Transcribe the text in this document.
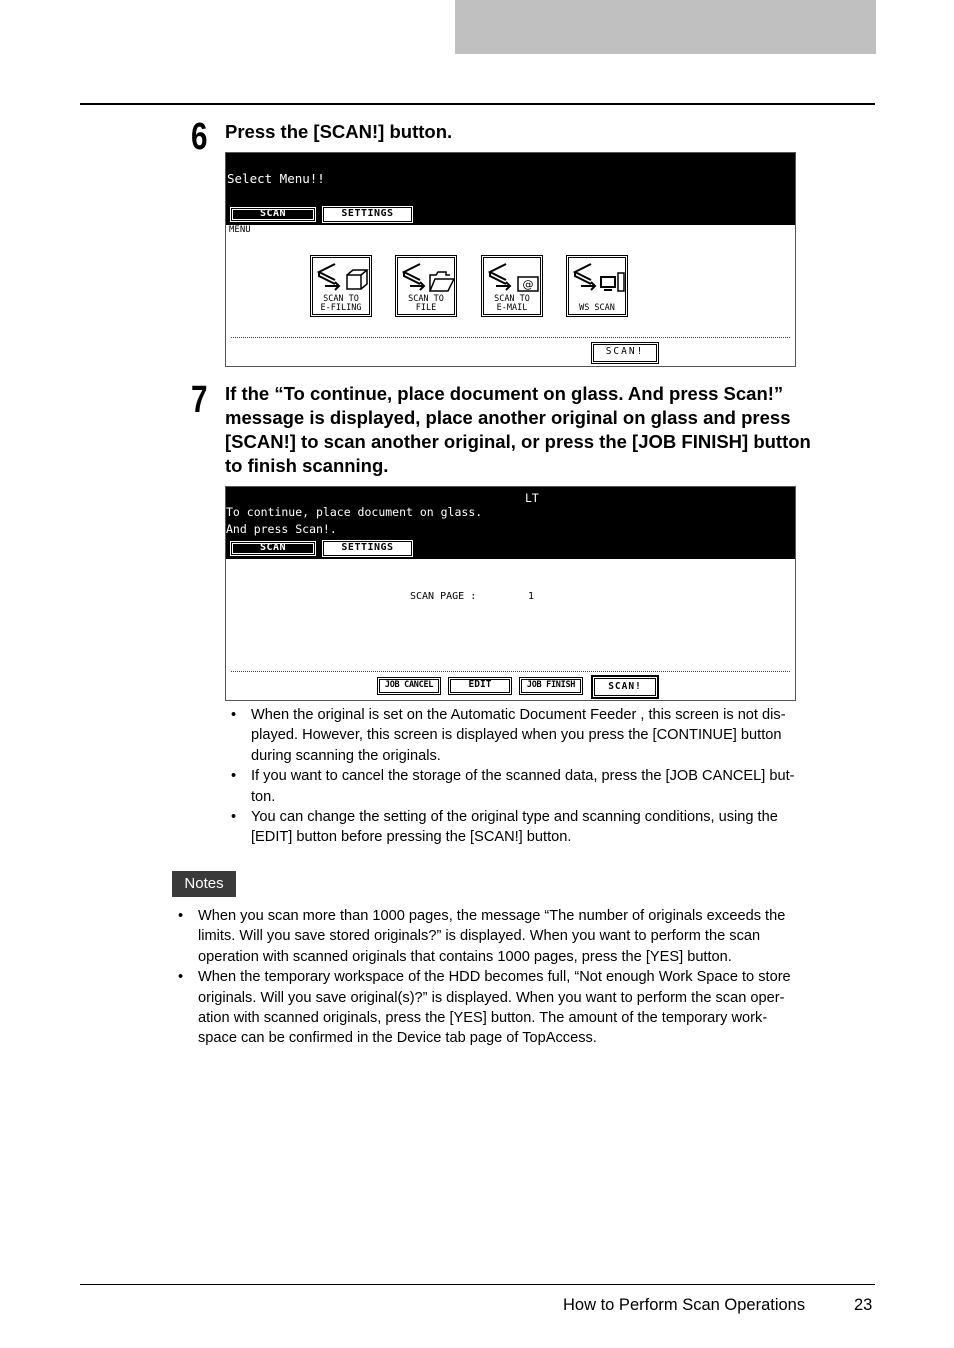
6 Press the [SCAN!] button.
Select Menu!!
SCAN	SETTINGS
MENU
SCAN TO
E-FILING
SCAN TO
FILE
@
SCAN TO
E-MAIL	WS SCAN
SCAN!
7 If the “To continue, place document on glass. And press Scan!”
message is displayed, place another original on glass and press
[SCAN!] to scan another original, or press the [JOB FINISH] button
to finish scanning.
LT
To continue, place document on glass.
And press Scan!.
SCAN	SETTINGS
SCAN PAGE :	1
JOB CANCEL	EDIT	JOB FINISH	SCAN!
• When the original is set on the Automatic Document Feeder , this screen is not dis-
played. However, this screen is displayed when you press the [CONTINUE] button
during scanning the originals.
• If you want to cancel the storage of the scanned data, press the [JOB CANCEL] but-
ton.
• You can change the setting of the original type and scanning conditions, using the
[EDIT] button before pressing the [SCAN!] button.
Notes
• When you scan more than 1000 pages, the message “The number of originals exceeds the
limits. Will you save stored originals?” is displayed. When you want to perform the scan
operation with scanned originals that contains 1000 pages, press the [YES] button.
• When the temporary workspace of the HDD becomes full, “Not enough Work Space to store
originals. Will you save original(s)?” is displayed. When you want to perform the scan oper-
ation with scanned originals, press the [YES] button. The amount of the temporary work-
space can be confirmed in the Device tab page of TopAccess.
How to Perform Scan Operations	23
